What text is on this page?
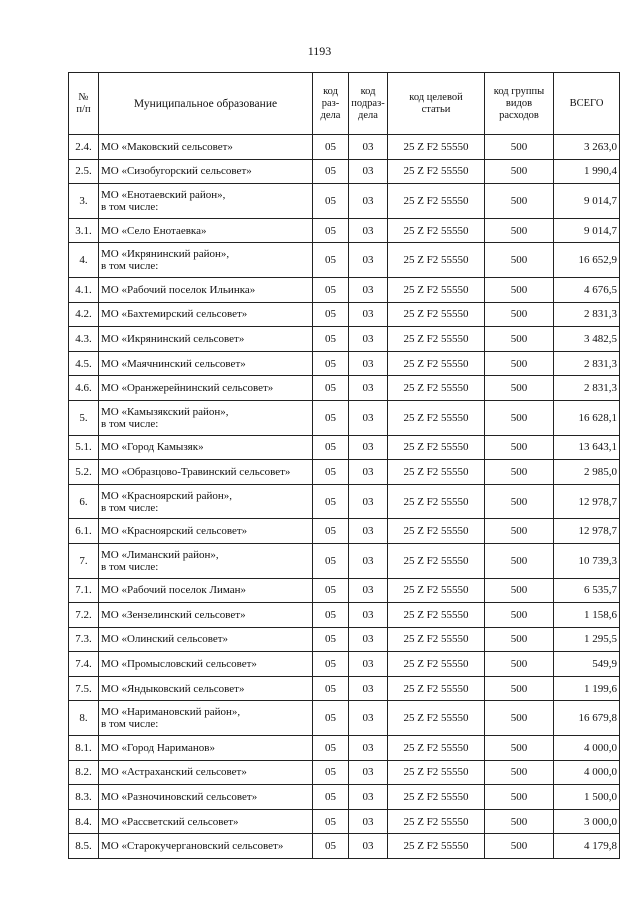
1193
№
п/п	Муниципальное образование	код
раз-
дела	код
подраз-
дела	код целевой
статьи	код группы
видов
расходов	ВСЕГО
2.4.	МО «Маковский сельсовет»	05	03	25 Z F2 55550	500	3 263,0
2.5.	МО «Сизобугорский сельсовет»	05	03	25 Z F2 55550	500	1 990,4
3.	МО «Енотаевский район»,
в том числе:	05	03	25 Z F2 55550	500	9 014,7
3.1.	МО «Село Енотаевка»	05	03	25 Z F2 55550	500	9 014,7
4.	МО «Икрянинский район»,
в том числе:	05	03	25 Z F2 55550	500	16 652,9
4.1.	МО «Рабочий поселок Ильинка»	05	03	25 Z F2 55550	500	4 676,5
4.2.	МО «Бахтемирский сельсовет»	05	03	25 Z F2 55550	500	2 831,3
4.3.	МО «Икрянинский сельсовет»	05	03	25 Z F2 55550	500	3 482,5
4.5.	МО «Маячнинский сельсовет»	05	03	25 Z F2 55550	500	2 831,3
4.6.	МО «Оранжерейнинский сельсовет»	05	03	25 Z F2 55550	500	2 831,3
5.	МО «Камызякский район»,
в том числе:	05	03	25 Z F2 55550	500	16 628,1
5.1.	МО «Город Камызяк»	05	03	25 Z F2 55550	500	13 643,1
5.2.	МО «Образцово-Травинский сельсовет»	05	03	25 Z F2 55550	500	2 985,0
6.	МО «Красноярский район»,
в том числе:	05	03	25 Z F2 55550	500	12 978,7
6.1.	МО «Красноярский сельсовет»	05	03	25 Z F2 55550	500	12 978,7
7.	МО «Лиманский район»,
в том числе:	05	03	25 Z F2 55550	500	10 739,3
7.1.	МО «Рабочий поселок Лиман»	05	03	25 Z F2 55550	500	6 535,7
7.2.	МО «Зензелинский сельсовет»	05	03	25 Z F2 55550	500	1 158,6
7.3.	МО «Олинский сельсовет»	05	03	25 Z F2 55550	500	1 295,5
7.4.	МО «Промысловский сельсовет»	05	03	25 Z F2 55550	500	549,9
7.5.	МО «Яндыковский сельсовет»	05	03	25 Z F2 55550	500	1 199,6
8.	МО «Наримановский район»,
в том числе:	05	03	25 Z F2 55550	500	16 679,8
8.1.	МО «Город Нариманов»	05	03	25 Z F2 55550	500	4 000,0
8.2.	МО «Астраханский сельсовет»	05	03	25 Z F2 55550	500	4 000,0
8.3.	МО «Разночиновский сельсовет»	05	03	25 Z F2 55550	500	1 500,0
8.4.	МО «Рассветский сельсовет»	05	03	25 Z F2 55550	500	3 000,0
8.5.	МО «Старокучергановский сельсовет»	05	03	25 Z F2 55550	500	4 179,8
